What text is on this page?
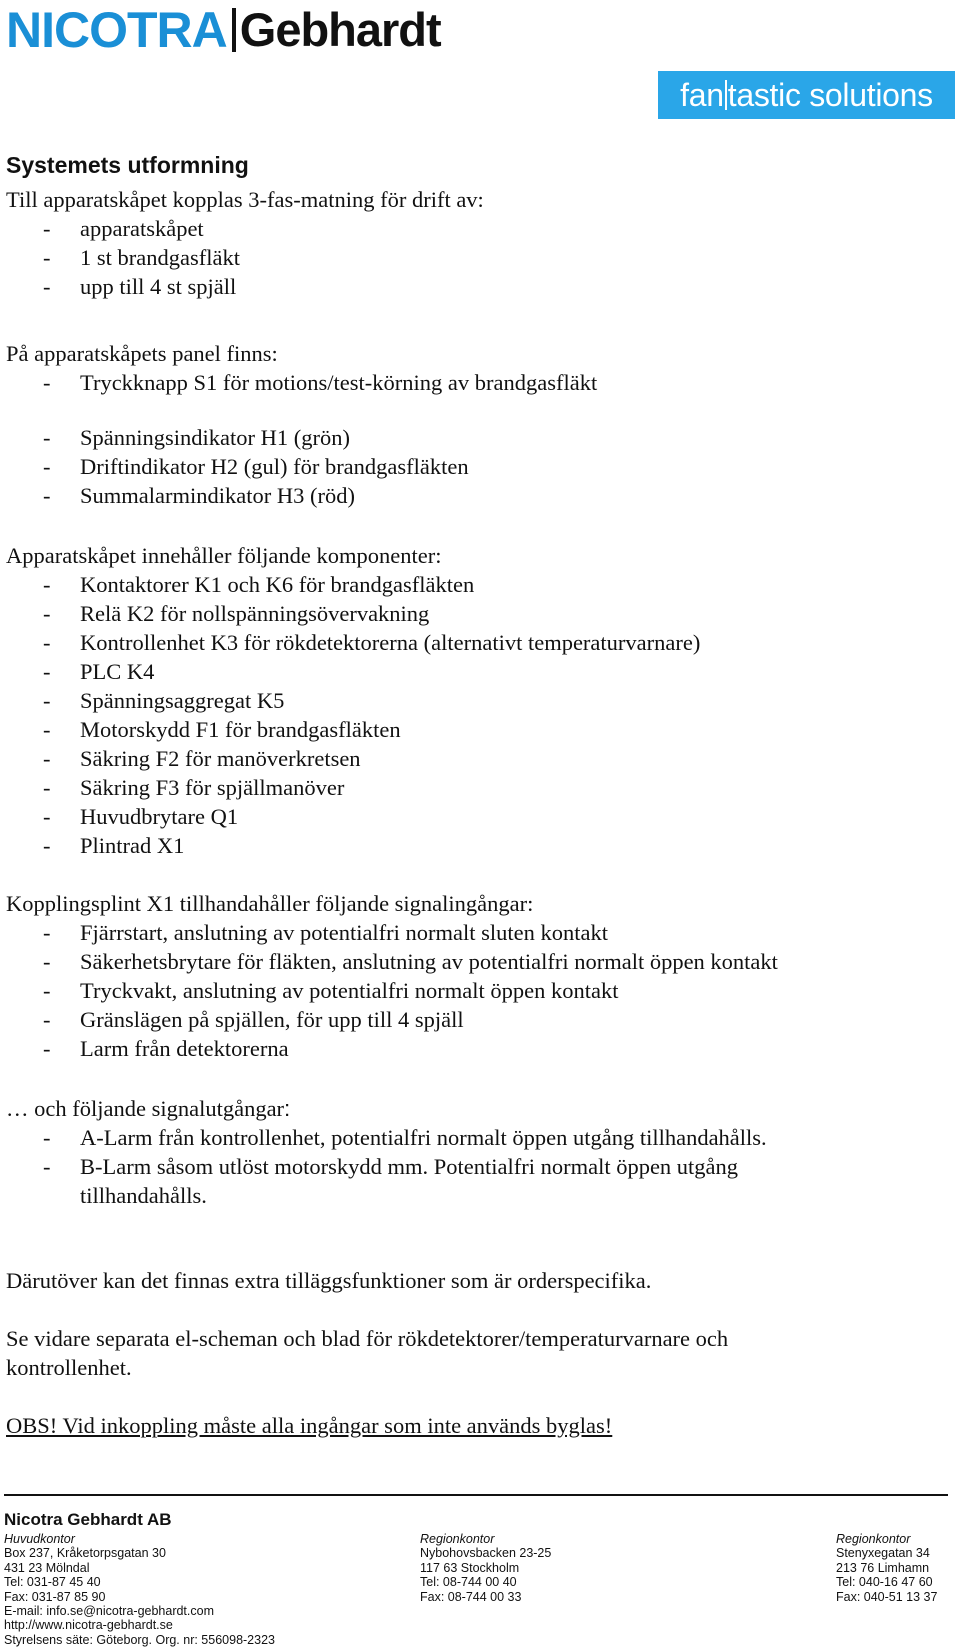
NICOTRA Gebhardt
fan tastic solutions
Systemets utformning

Till apparatskåpet kopplas 3-fas-matning för drift av:

- apparatskåpet

- 1 st brandgasfläkt

- upp till 4 st spjäll

På apparatskåpets panel finns:

- Tryckknapp S1 för motions/test-körning av brandgasfläkt

- Spänningsindikator H1 (grön)

- Driftindikator H2 (gul) för brandgasfläkten

- Summalarmindikator H3 (röd)

Apparatskåpet innehåller följande komponenter:

- Kontaktorer K1 och K6 för brandgasfläkten

- Relä K2 för nollspänningsövervakning

- Kontrollenhet K3 för rökdetektorerna (alternativt temperaturvarnare)

- PLC K4

- Spänningsaggregat K5

- Motorskydd F1 för brandgasfläkten

- Säkring F2 för manöverkretsen

- Säkring F3 för spjällmanöver

- Huvudbrytare Q1

- Plintrad X1

Kopplingsplint X1 tillhandahåller följande signalingångar:

- Fjärrstart, anslutning av potentialfri normalt sluten kontakt

- Säkerhetsbrytare för fläkten, anslutning av potentialfri normalt öppen kontakt

- Tryckvakt, anslutning av potentialfri normalt öppen kontakt

- Gränslägen på spjällen, för upp till 4 spjäll

- Larm från detektorerna

… och följande signalutgångar:

- A-Larm från kontrollenhet, potentialfri normalt öppen utgång tillhandahålls.

- B-Larm såsom utlöst motorskydd mm. Potentialfri normalt öppen utgång tillhandahålls.

Därutöver kan det finnas extra tilläggsfunktioner som är orderspecifika.
Se vidare separata el-scheman och blad för rökdetektorer/temperaturvarnare och kontrollenhet.
OBS! Vid inkoppling måste alla ingångar som inte används byglas!
Nicotra Gebhardt AB
Huvudkontor
Box 237, Kråketorpsgatan 30
431 23 Mölndal
Tel: 031-87 45 40
Fax: 031-87 85 90
E-mail: info.se@nicotra-gebhardt.com
http://www.nicotra-gebhardt.se
Styrelsens säte: Göteborg. Org. nr: 556098-2323
Regionkontor
Nybohovsbacken 23-25
117 63 Stockholm
Tel: 08-744 00 40
Fax: 08-744 00 33
Regionkontor
Stenyxegatan 34
213 76 Limhamn
Tel: 040-16 47 60
Fax: 040-51 13 37
